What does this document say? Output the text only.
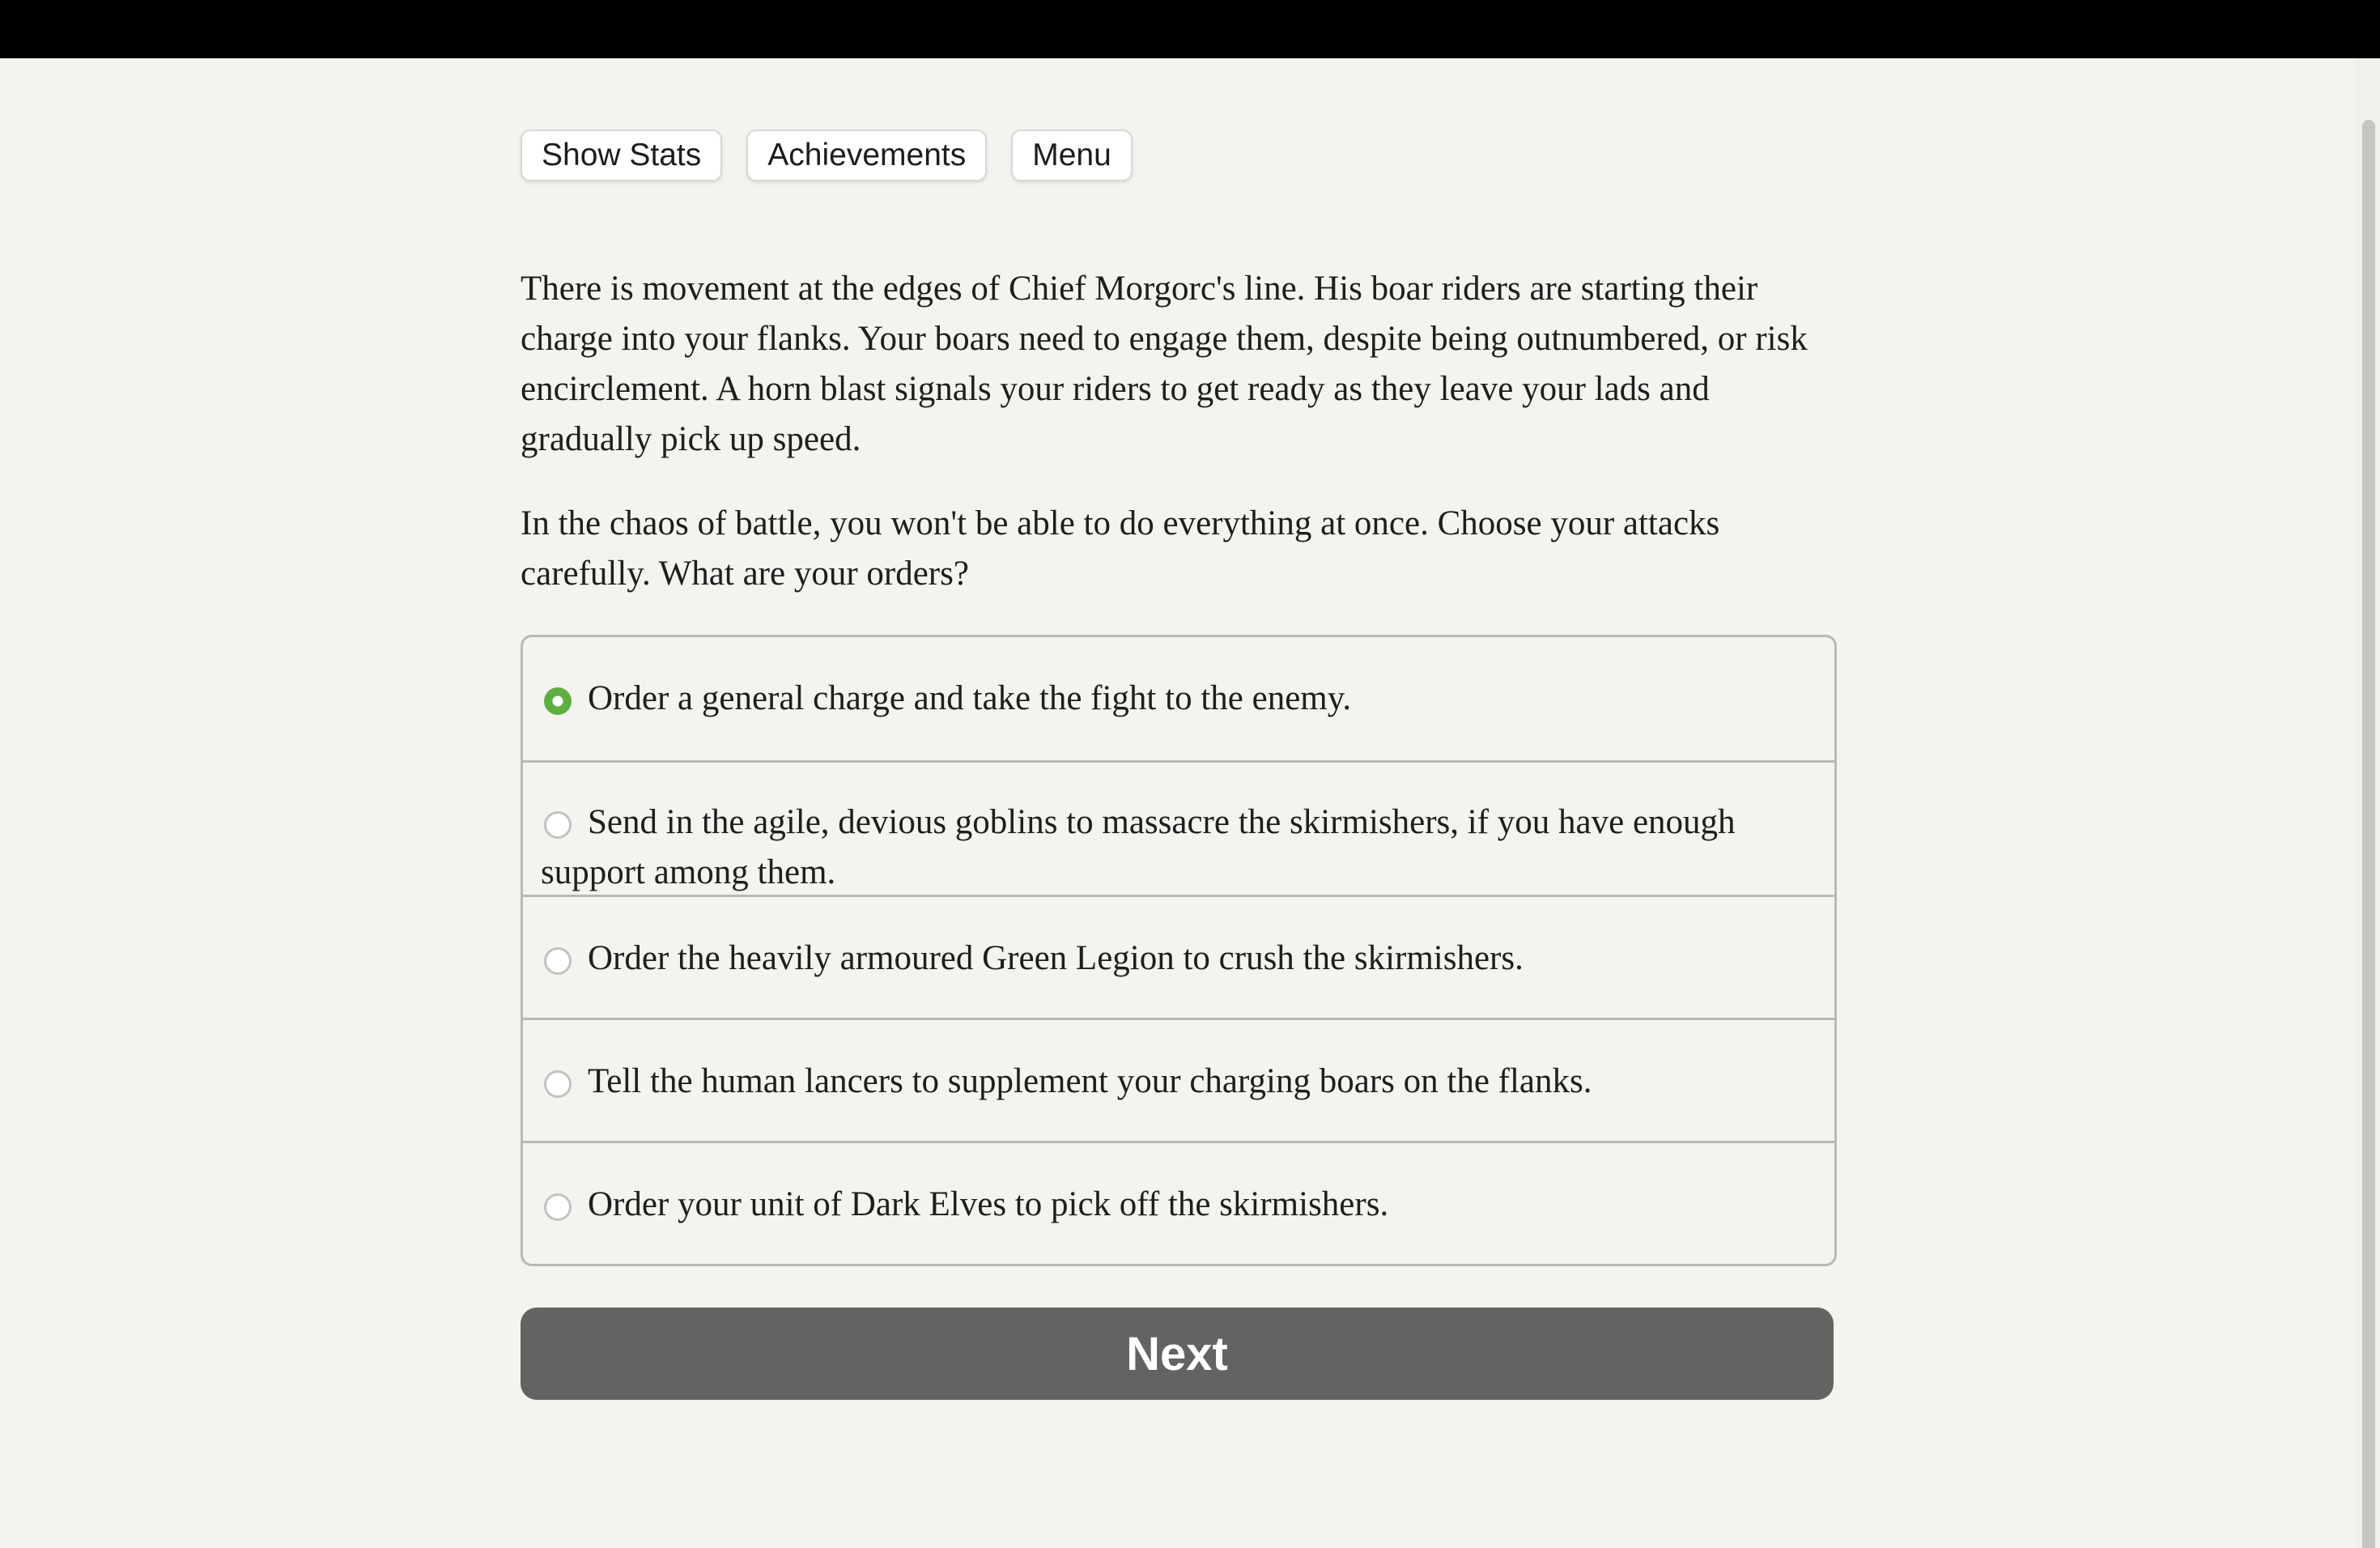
Show Stats	Achievements	Menu

There is movement at the edges of Chief Morgorc's line. His boar riders are starting their charge into your flanks. Your boars need to engage them, despite being outnumbered, or risk encirclement. A horn blast signals your riders to get ready as they leave your lads and gradually pick up speed.

In the chaos of battle, you won't be able to do everything at once. Choose your attacks carefully. What are your orders?

Order a general charge and take the fight to the enemy.
Send in the agile, devious goblins to massacre the skirmishers, if you have enough support among them.
Order the heavily armoured Green Legion to crush the skirmishers.
Tell the human lancers to supplement your charging boars on the flanks.
Order your unit of Dark Elves to pick off the skirmishers.
Next
